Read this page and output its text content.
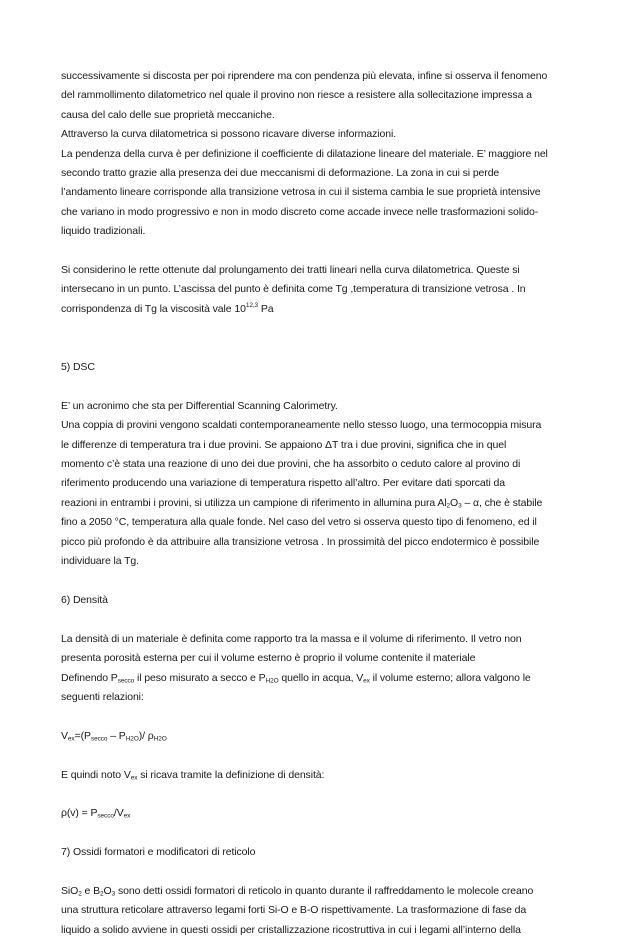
successivamente si discosta per poi riprendere ma con pendenza più elevata, infine si osserva il fenomeno

del rammollimento dilatometrico nel quale il provino non riesce a resistere alla sollecitazione impressa a

causa del calo delle sue proprietà meccaniche.

Attraverso la curva dilatometrica si possono ricavare diverse informazioni.

La pendenza della curva è per definizione il coefficiente di dilatazione lineare del materiale. E’ maggiore nel

secondo tratto grazie alla presenza dei due meccanismi di deformazione. La zona in cui si perde

l’andamento lineare corrisponde alla transizione vetrosa in cui il sistema cambia le sue proprietà intensive

che variano in modo progressivo e non in modo discreto come accade invece nelle trasformazioni solido-

liquido tradizionali.

Si considerino le rette ottenute dal prolungamento dei tratti lineari nella curva dilatometrica. Queste si

intersecano in un punto. L’ascissa del punto è definita come Tg ,temperatura di transizione vetrosa . In

corrispondenza di Tg la viscosità vale 10$^{12,3}$ Pa

5) DSC

E’ un acronimo che sta per Differential Scanning Calorimetry.

Una coppia di provini vengono scaldati contemporaneamente nello stesso luogo, una termocoppia misura

le differenze di temperatura tra i due provini. Se appaiono ΔT tra i due provini, significa che in quel

momento c’è stata una reazione di uno dei due provini, che ha assorbito o ceduto calore al provino di

riferimento producendo una variazione di temperatura rispetto all’altro. Per evitare dati sporcati da

reazioni in entrambi i provini, si utilizza un campione di riferimento in allumina pura $Al_2O_3$ – α, che è stabile

fino a 2050 °C, temperatura alla quale fonde. Nel caso del vetro si osserva questo tipo di fenomeno, ed il

picco più profondo è da attribuire alla transizione vetrosa . In prossimità del picco endotermico è possibile

individuare la Tg.

6) Densità

La densità di un materiale è definita come rapporto tra la massa e il volume di riferimento. Il vetro non

presenta porosità esterna per cui il volume esterno è proprio il volume contenite il materiale

Definendo $P_{secco}$ il peso misurato a secco e $P_{H2O}$ quello in acqua, $V_{ex}$ il volume esterno; allora valgono le

seguenti relazioni:

$V_{ex}=(P_{secco} - P_{H2O})/$ $\rho_{H2O}$

E quindi noto $V_{ex}$ si ricava tramite la definizione di densità:

$\rho(v) = P_{secco}/V_{ex}$

7) Ossidi formatori e modificatori di reticolo

SiO$_2$ e $B_2O_3$ sono detti ossidi formatori di reticolo in quanto durante il raffreddamento le molecole creano

una struttura reticolare attraverso legami forti Si-O e B-O rispettivamente. La trasformazione di fase da

liquido a solido avviene in questi ossidi per cristallizzazione ricostruttiva in cui i legami all’interno della
